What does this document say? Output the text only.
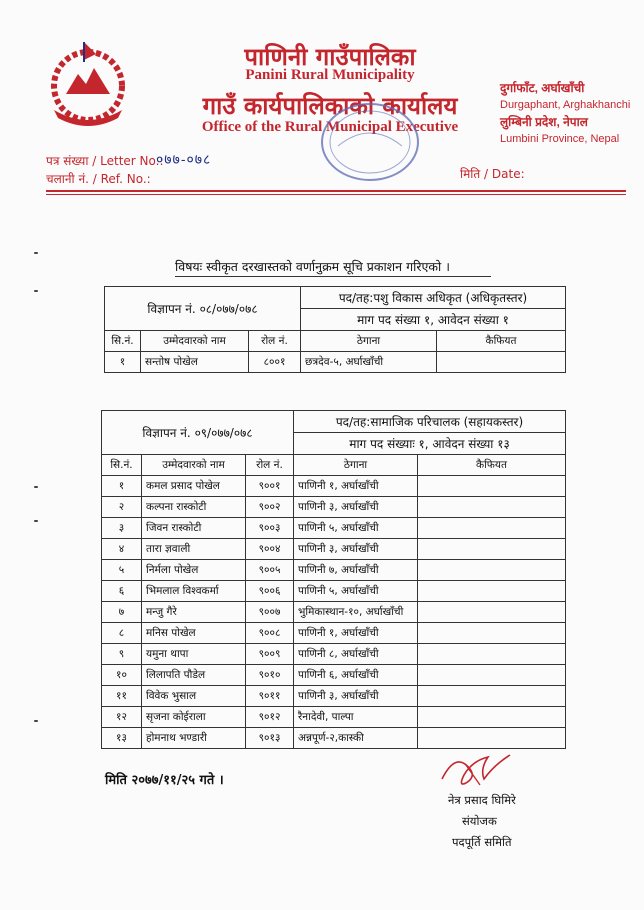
पाणिनी गाउँपालिका
Panini Rural Municipality
गाउँ कार्यपालिकाको कार्यालय
Office of the Rural Municipal Executive
दुर्गाफाँट, अर्घाखाँची
Durgaphant, Arghakhanchi
लुम्बिनी प्रदेश, नेपाल
Lumbini Province, Nepal
पत्र संख्या / Letter No.:
०७७-०७८
चलानी नं. / Ref. No.:	मिति / Date:
विषयः स्वीकृत दरखास्तको वर्णानुक्रम सूचि प्रकाशन गरिएको ।
विज्ञापन नं. ०८/०७७/०७८			पद/तह:पशु विकास अधिकृत (अधिकृतस्तर)	
			माग पद संख्या १, आवेदन संख्या १	
सि.नं.	उम्मेदवारको नाम	रोल नं.	ठेगाना	कैफियत
१	सन्तोष पोखेल	८००१	छत्रदेव-५, अर्घाखाँची	
विज्ञापन नं. ०९/०७७/०७८			पद/तह:सामाजिक परिचालक (सहायकस्तर)	
			माग पद संख्याः १, आवेदन संख्या १३	
सि.नं.	उम्मेदवारको नाम	रोल नं.	ठेगाना	कैफियत
१	कमल प्रसाद पोखेल	९००१	पाणिनी १, अर्घाखाँची	
२	कल्पना रास्कोटी	९००२	पाणिनी ३, अर्घाखाँची	
३	जिवन रास्कोटी	९००३	पाणिनी ५, अर्घाखाँची	
४	तारा ज्ञवाली	९००४	पाणिनी ३, अर्घाखाँची	
५	निर्मला पोखेल	९००५	पाणिनी ७, अर्घाखाँची	
६	भिमलाल विश्वकर्मा	९००६	पाणिनी ५, अर्घाखाँची	
७	मन्जु गैरे	९००७	भुमिकास्थान-१०, अर्घाखाँची	
८	मनिस पोखेल	९००८	पाणिनी १, अर्घाखाँची	
९	यमुना थापा	९००९	पाणिनी ८, अर्घाखाँची	
१०	लिलापति पौडेल	९०१०	पाणिनी ६, अर्घाखाँची	
११	विवेक भुसाल	९०११	पाणिनी ३, अर्घाखाँची	
१२	सृजना कोईराला	९०१२	रैनादेवी, पाल्पा	
१३	होमनाथ भण्डारी	९०१३	अन्नपूर्ण-२,कास्की	
मिति २०७७/११/२५ गते ।
नेत्र प्रसाद घिमिरे
संयोजक
पदपूर्ति समिति
